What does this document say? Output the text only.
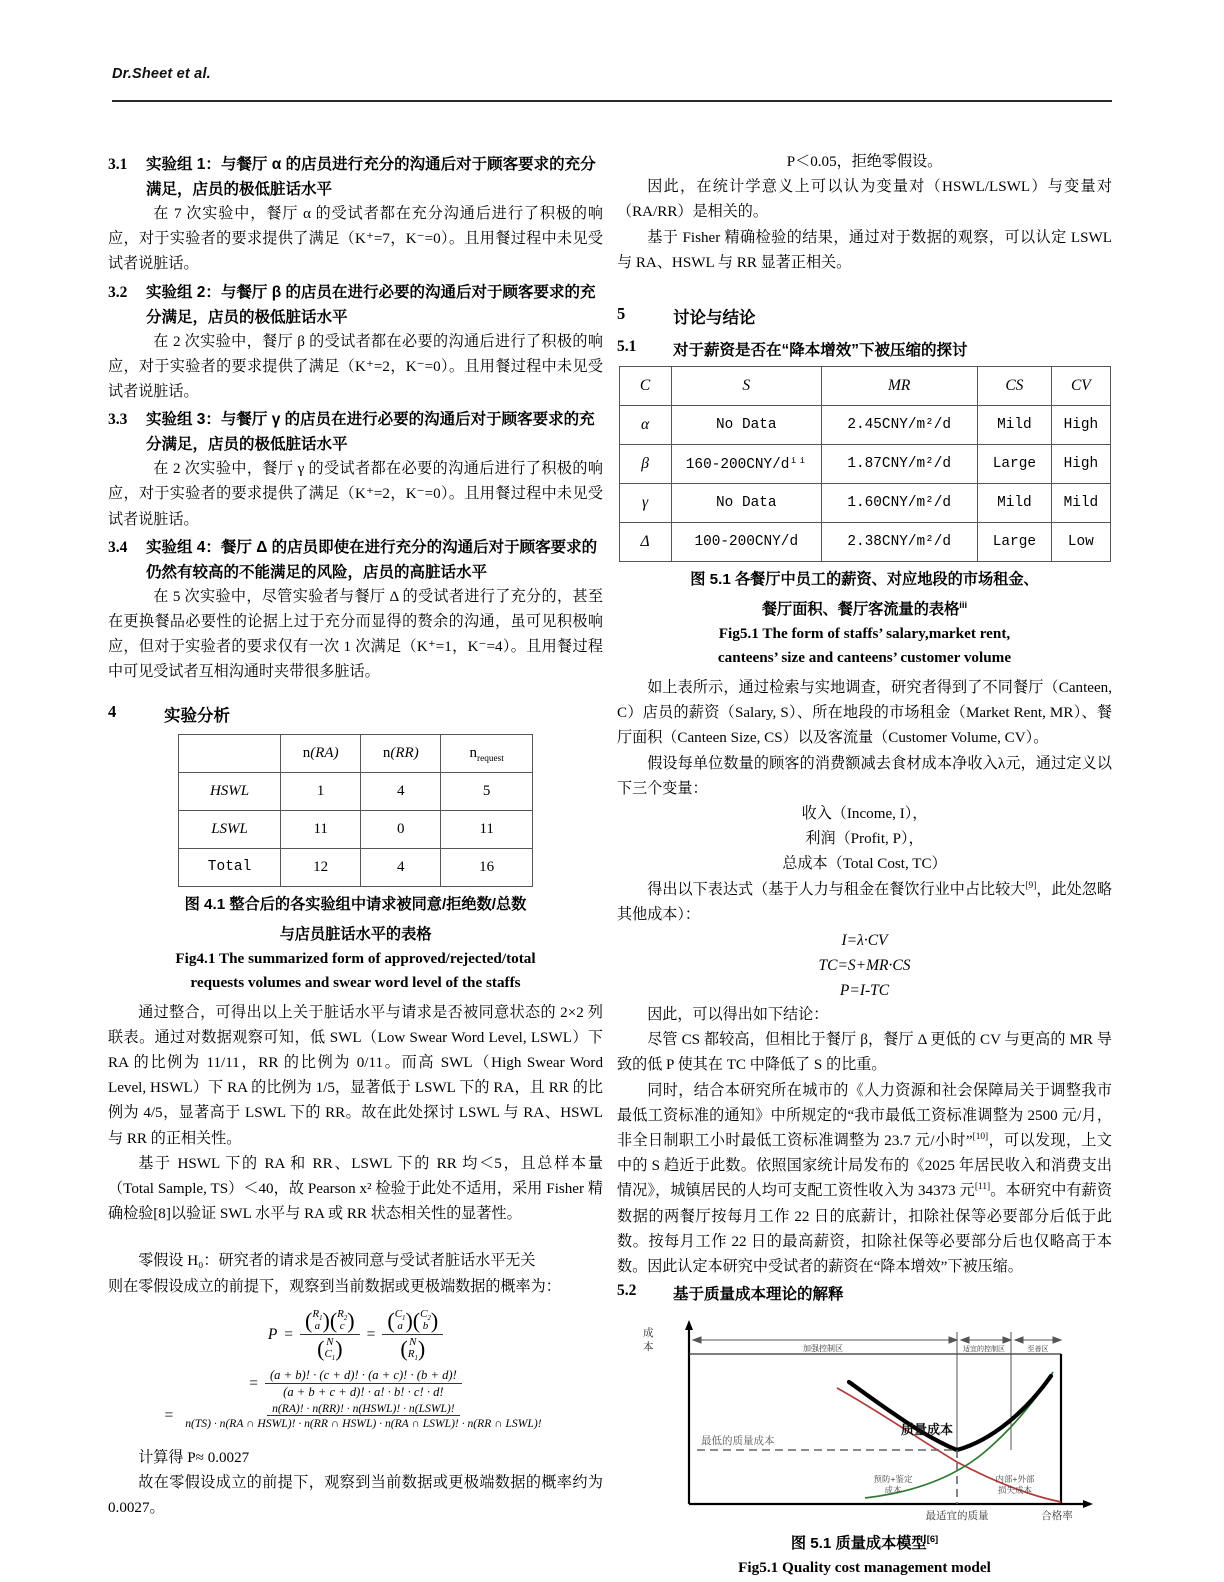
Dr.Sheet et al.
3.1	实验组 1：与餐厅 α 的店员进行充分的沟通后对于顾客要求的充分满足，店员的极低脏话水平

在 7 次实验中，餐厅 α 的受试者都在充分沟通后进行了积极的响应，对于实验者的要求提供了满足（K⁺=7，K⁻=0）。且用餐过程中未见受试者说脏话。

3.2	实验组 2：与餐厅 β 的店员在进行必要的沟通后对于顾客要求的充分满足，店员的极低脏话水平

在 2 次实验中，餐厅 β 的受试者都在必要的沟通后进行了积极的响应，对于实验者的要求提供了满足（K⁺=2，K⁻=0）。且用餐过程中未见受试者说脏话。

3.3	实验组 3：与餐厅 γ 的店员在进行必要的沟通后对于顾客要求的充分满足，店员的极低脏话水平

在 2 次实验中，餐厅 γ 的受试者都在必要的沟通后进行了积极的响应，对于实验者的要求提供了满足（K⁺=2，K⁻=0）。且用餐过程中未见受试者说脏话。

3.4	实验组 4：餐厅 Δ 的店员即使在进行充分的沟通后对于顾客要求的仍然有较高的不能满足的风险，店员的高脏话水平

在 5 次实验中，尽管实验者与餐厅 Δ 的受试者进行了充分的，甚至在更换餐品必要性的论据上过于充分而显得的赘余的沟通，虽可见积极响应，但对于实验者的要求仅有一次 1 次满足（K⁺=1，K⁻=4）。且用餐过程中可见受试者互相沟通时夹带很多脏话。

4	实验分析
	n(RA)	n(RR)	$n_{request}$
HSWL	1	4	5
LSWL	11	0	11
Total	12	4	16
图 4.1 整合后的各实验组中请求被同意/拒绝数/总数
与店员脏话水平的表格
Fig4.1 The summarized form of approved/rejected/total
requests volumes and swear word level of the staffs

通过整合，可得出以上关于脏话水平与请求是否被同意状态的 2×2 列联表。通过对数据观察可知，低 SWL（Low Swear Word Level, LSWL）下 RA 的比例为 11/11，RR 的比例为 0/11。而高 SWL（High Swear Word Level, HSWL）下 RA 的比例为 1/5，显著低于 LSWL 下的 RA，且 RR 的比例为 4/5，显著高于 LSWL 下的 RR。故在此处探讨 LSWL 与 RA、HSWL 与 RR 的正相关性。

基于 HSWL 下的 RA 和 RR、LSWL 下的 RR 均＜5，且总样本量（Total Sample, TS）＜40，故 Pearson x² 检验于此处不适用，采用 Fisher 精确检验[8]以验证 SWL 水平与 RA 或 RR 状态相关性的显著性。

零假设 H₀：研究者的请求是否被同意与受试者脏话水平无关

则在零假设成立的前提下，观察到当前数据或更极端数据的概率为：

P = ( $R_1$
a
)
( $R_2$
c
)
( N
$C_1$
) = ( $C_1$
a
)
( $C_2$
b
)
( N
$R_1$
)
= $\frac{(a + b)! \cdot (c + d)! \cdot (a + c)! \cdot (b + d)!}{(a + b + c + d)! \cdot a! \cdot b! \cdot c! \cdot d!}$
=	n(RA)! · n(RR)! · n(HSWL)! · n(LSWL)!
n(TS) · n(RA ∩ HSWL)! · n(RR ∩ HSWL) · n(RA ∩ LSWL)! · n(RR ∩ LSWL)!

计算得 P≈ 0.0027

故在零假设成立的前提下，观察到当前数据或更极端数据的概率约为 0.0027。

P＜0.05，拒绝零假设。

因此，在统计学意义上可以认为变量对（HSWL/LSWL）与变量对（RA/RR）是相关的。

基于 Fisher 精确检验的结果，通过对于数据的观察，可以认定 LSWL 与 RA、HSWL 与 RR 显著正相关。

5	讨论与结论
5.1	对于薪资是否在“降本增效”下被压缩的探讨
C	S	MR	CS	CV
α	No Data	2.45CNY/m²/d	Mild	High
β	160-200CNY/dⁱⁱ	1.87CNY/m²/d	Large	High
γ	No Data	1.60CNY/m²/d	Mild	Mild
Δ	100-200CNY/d	2.38CNY/m²/d	Large	Low
图 5.1 各餐厅中员工的薪资、对应地段的市场租金、
餐厅面积、餐厅客流量的表格$^{iii}$
Fig5.1 The form of staffs’ salary,market rent,
canteens’ size and canteens’ customer volume

如上表所示，通过检索与实地调查，研究者得到了不同餐厅（Canteen, C）店员的薪资（Salary, S）、所在地段的市场租金（Market Rent, MR）、餐厅面积（Canteen Size, CS）以及客流量（Customer Volume, CV）。

假设每单位数量的顾客的消费额减去食材成本净收入λ元，通过定义以下三个变量：

收入（Income, I），

利润（Profit, P），

总成本（Total Cost, TC）

得出以下表达式（基于人力与租金在餐饮行业中占比较大[9]，此处忽略其他成本）：

I=λ·CV

TC=S+MR·CS

P=I-TC

因此，可以得出如下结论：

尽管 CS 都较高，但相比于餐厅 β，餐厅 Δ 更低的 CV 与更高的 MR 导致的低 P 使其在 TC 中降低了 S 的比重。

同时，结合本研究所在城市的《人力资源和社会保障局关于调整我市最低工资标准的通知》中所规定的“我市最低工资标准调整为 2500 元/月，非全日制职工小时最低工资标准调整为 23.7 元/小时”[10]，可以发现，上文中的 S 趋近于此数。依照国家统计局发布的《2025 年居民收入和消费支出情况》，城镇居民的人均可支配工资性收入为 34373 元[11]。本研究中有薪资数据的两餐厅按每月工作 22 日的底薪计，扣除社保等必要部分后低于此数。按每月工作 22 日的最高薪资，扣除社保等必要部分后也仅略高于本数。因此认定本研究中受试者的薪资在“降本增效”下被压缩。

5.2	基于质量成本理论的解释
加强控制区	适宜的控制区	至善区
成
本
质量成本
最低的质量成本
预防+鉴定
成本
内部+外部
损失成本
最适宜的质量	合格率
图 5.1 质量成本模型[6]
Fig5.1 Quality cost management model
